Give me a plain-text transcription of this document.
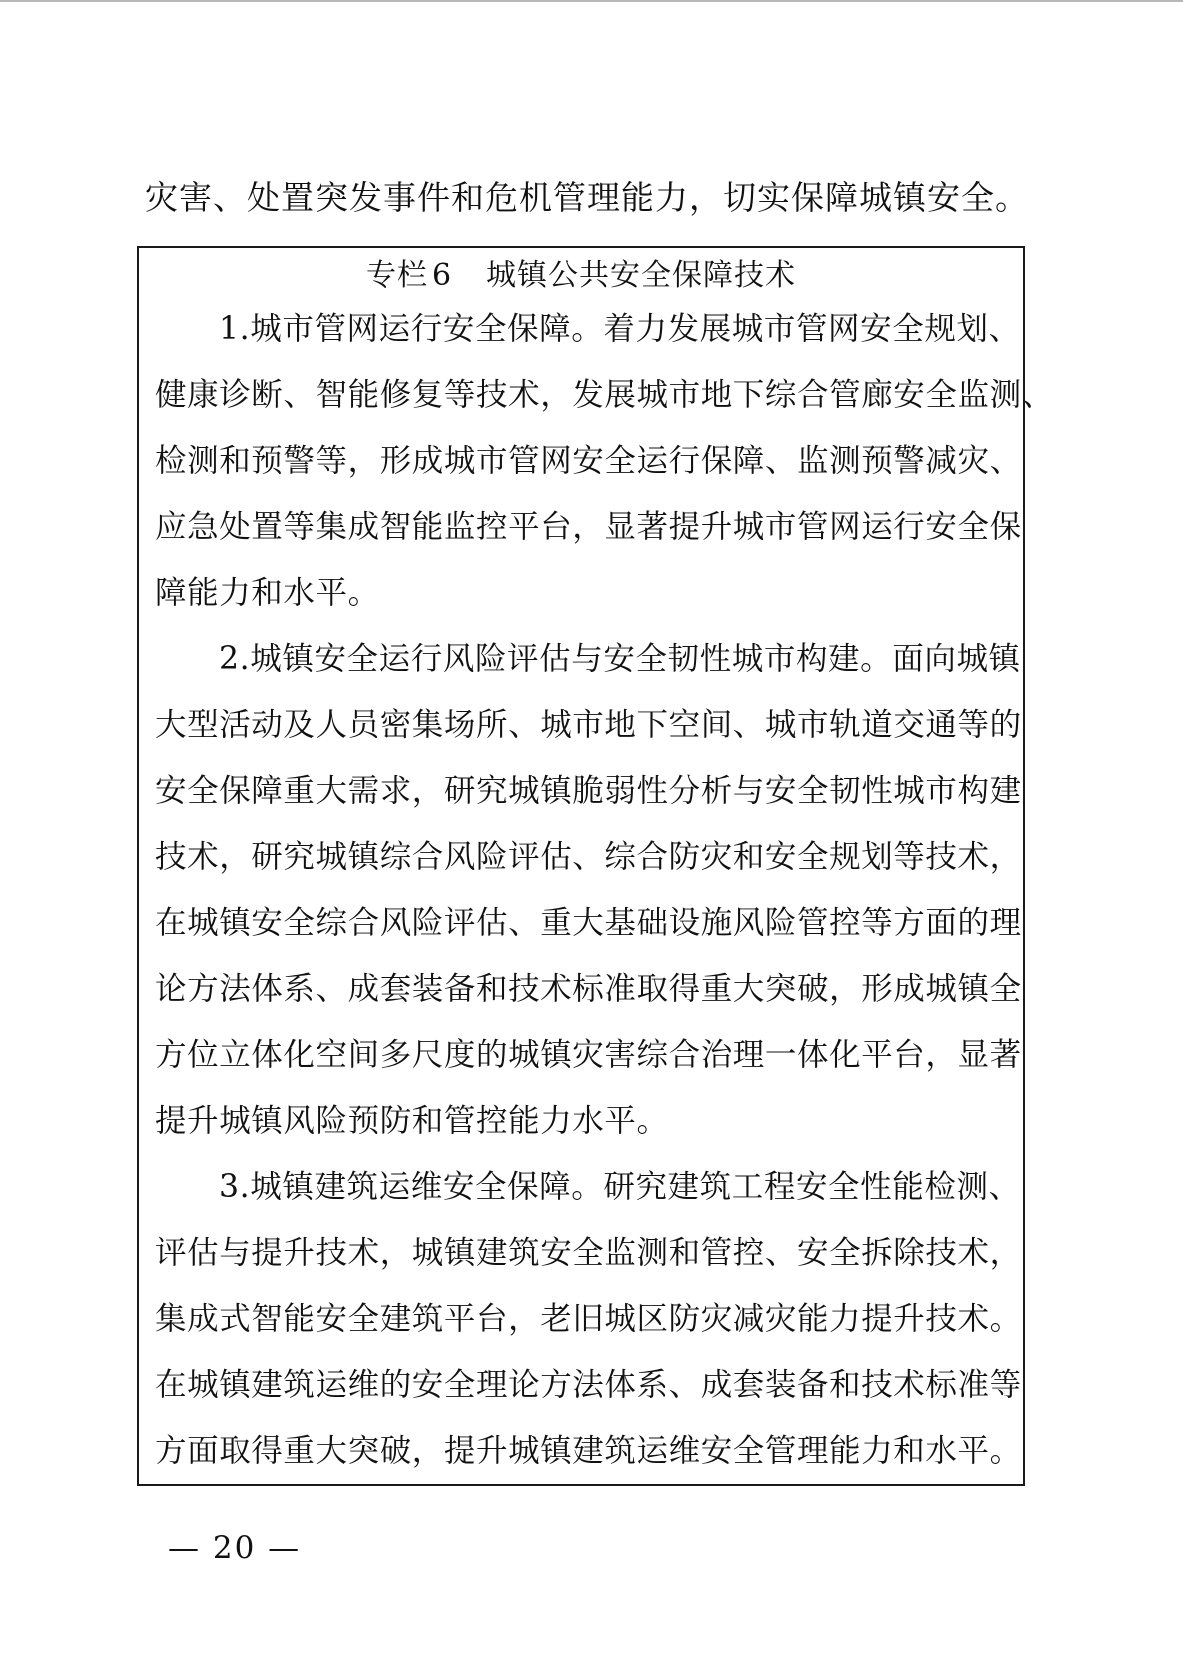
灾害、处置突发事件和危机管理能力，切实保障城镇安全。
专栏 6 城镇公共安全保障技术
1.城市管网运行安全保障。着力发展城市管网安全规划、
健康诊断、智能修复等技术，发展城市地下综合管廊安全监测、
检测和预警等，形成城市管网安全运行保障、监测预警减灾、
应急处置等集成智能监控平台，显著提升城市管网运行安全保
障能力和水平。
2.城镇安全运行风险评估与安全韧性城市构建。面向城镇
大型活动及人员密集场所、城市地下空间、城市轨道交通等的
安全保障重大需求，研究城镇脆弱性分析与安全韧性城市构建
技术，研究城镇综合风险评估、综合防灾和安全规划等技术，
在城镇安全综合风险评估、重大基础设施风险管控等方面的理
论方法体系、成套装备和技术标准取得重大突破，形成城镇全
方位立体化空间多尺度的城镇灾害综合治理一体化平台，显著
提升城镇风险预防和管控能力水平。
3.城镇建筑运维安全保障。研究建筑工程安全性能检测、
评估与提升技术，城镇建筑安全监测和管控、安全拆除技术，
集成式智能安全建筑平台，老旧城区防灾减灾能力提升技术。
在城镇建筑运维的安全理论方法体系、成套装备和技术标准等
方面取得重大突破，提升城镇建筑运维安全管理能力和水平。
— 20 —
